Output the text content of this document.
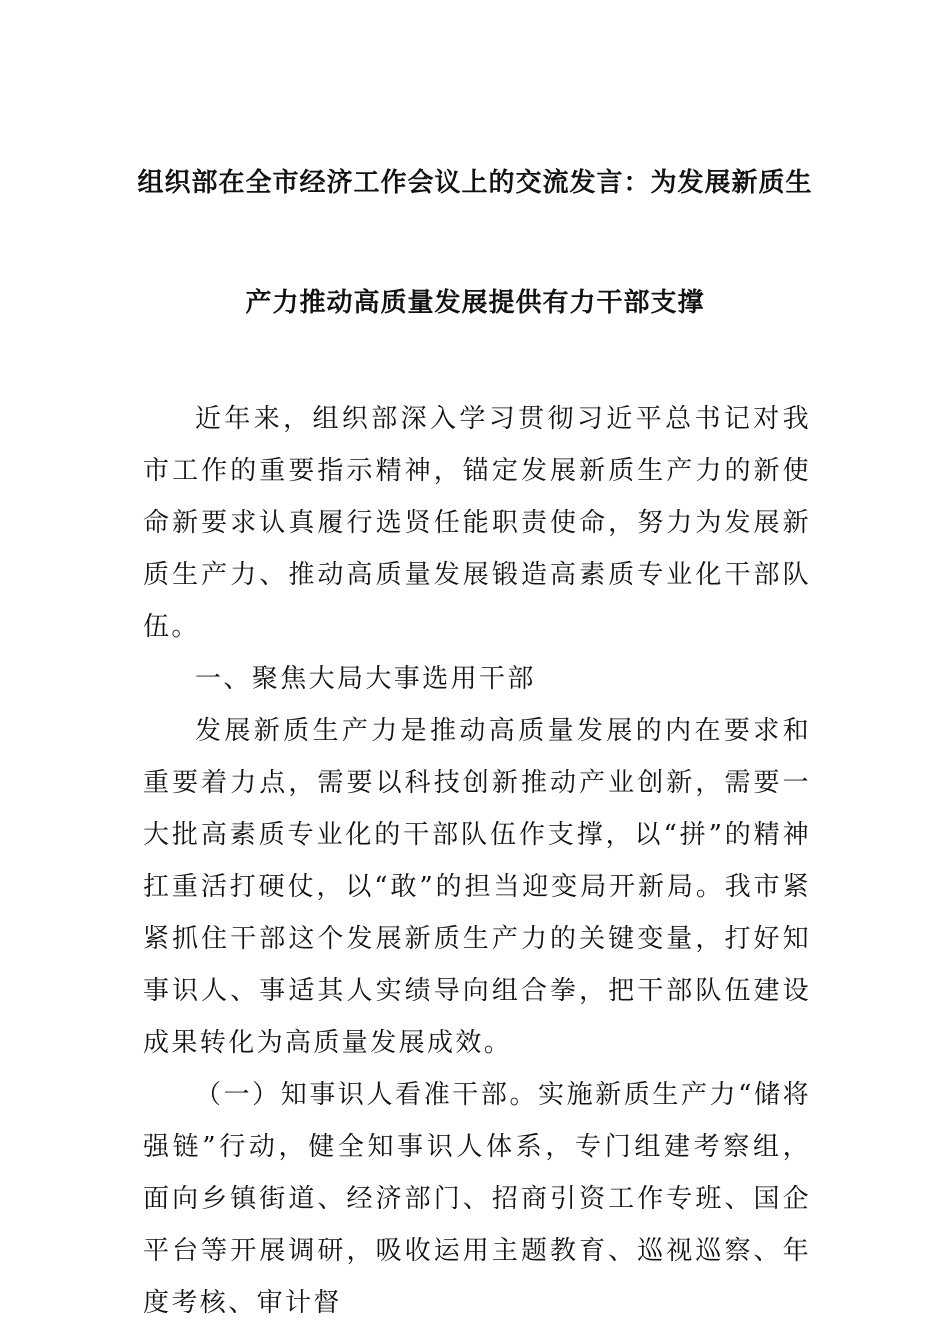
组织部在全市经济工作会议上的交流发言：为发展新质生
产力推动高质量发展提供有力干部支撑

近年来，组织部深入学习贯彻习近平总书记对我市工作的重要指示精神，锚定发展新质生产力的新使命新要求认真履行选贤任能职责使命，努力为发展新质生产力、推动高质量发展锻造高素质专业化干部队伍。

一、聚焦大局大事选用干部

发展新质生产力是推动高质量发展的内在要求和重要着力点，需要以科技创新推动产业创新，需要一大批高素质专业化的干部队伍作支撑，以“拼”的精神扛重活打硬仗，以“敢”的担当迎变局开新局。我市紧紧抓住干部这个发展新质生产力的关键变量，打好知事识人、事适其人实绩导向组合拳，把干部队伍建设成果转化为高质量发展成效。

（一）知事识人看准干部。实施新质生产力“储将强链”行动，健全知事识人体系，专门组建考察组，面向乡镇街道、经济部门、招商引资工作专班、国企平台等开展调研，吸收运用主题教育、巡视巡察、年度考核、审计督
